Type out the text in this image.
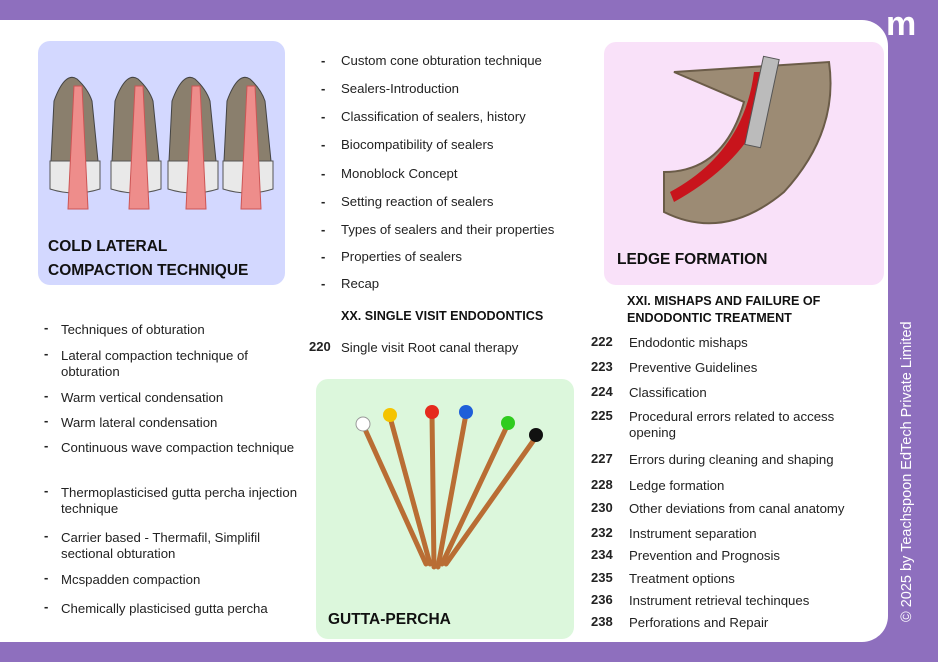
COLD LATERAL
COMPACTION TECHNIQUE
LEDGE FORMATION
GUTTA-PERCHA
- Techniques of obturation
- Lateral compaction technique of obturation
- Warm vertical condensation
- Warm lateral condensation
- Continuous wave compaction technique
- Thermoplasticised gutta percha injection technique
- Carrier based - Thermafil, Simplifil sectional obturation
- Mcspadden compaction
- Chemically plasticised gutta percha
- Custom cone obturation technique
- Sealers-Introduction
- Classification of sealers, history
- Biocompatibility of sealers
- Monoblock Concept
- Setting reaction of sealers
- Types of sealers and their properties
- Properties of sealers
- Recap
XX. SINGLE VISIT ENDODONTICS
220 Single visit Root canal therapy
XXI. MISHAPS AND FAILURE OF
ENDODONTIC TREATMENT
222 Endodontic mishaps
223 Preventive Guidelines
224 Classification
225 Procedural errors related to access opening
227 Errors during cleaning and shaping
228 Ledge formation
230 Other deviations from canal anatomy
232 Instrument separation
234 Prevention and Prognosis
235 Treatment options
236 Instrument retrieval techinques
238 Perforations and Repair
m
© 2025 by Teachspoon EdTech Private Limited
